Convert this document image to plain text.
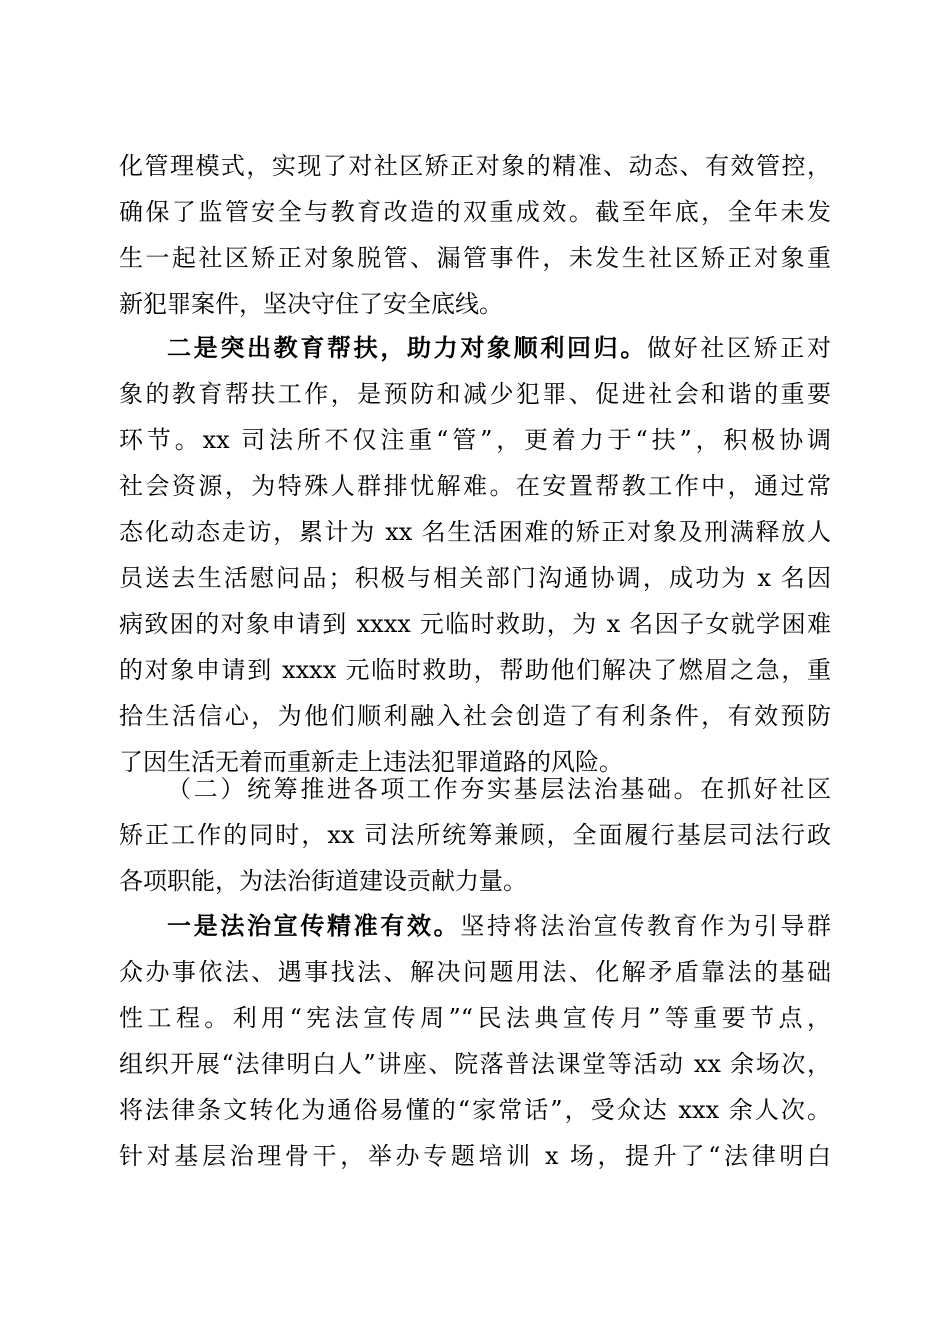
化管理模式，实现了对社区矫正对象的精准、动态、有效管控，
确保了监管安全与教育改造的双重成效。截至年底，全年未发
生一起社区矫正对象脱管、漏管事件，未发生社区矫正对象重
新犯罪案件，坚决守住了安全底线。
二是突出教育帮扶，助力对象顺利回归。做好社区矫正对
象的教育帮扶工作，是预防和减少犯罪、促进社会和谐的重要
环节。xx 司法所不仅注重“管”，更着力于“扶”，积极协调
社会资源，为特殊人群排忧解难。在安置帮教工作中，通过常
态化动态走访，累计为 xx 名生活困难的矫正对象及刑满释放人
员送去生活慰问品；积极与相关部门沟通协调，成功为 x 名因
病致困的对象申请到 xxxx 元临时救助，为 x 名因子女就学困难
的对象申请到 xxxx 元临时救助，帮助他们解决了燃眉之急，重
拾生活信心，为他们顺利融入社会创造了有利条件，有效预防
了因生活无着而重新走上违法犯罪道路的风险。
（二）统筹推进各项工作夯实基层法治基础。在抓好社区
矫正工作的同时，xx 司法所统筹兼顾，全面履行基层司法行政
各项职能，为法治街道建设贡献力量。
一是法治宣传精准有效。坚持将法治宣传教育作为引导群
众办事依法、遇事找法、解决问题用法、化解矛盾靠法的基础
性工程。利用“宪法宣传周”“民法典宣传月”等重要节点，
组织开展“法律明白人”讲座、院落普法课堂等活动 xx 余场次，
将法律条文转化为通俗易懂的“家常话”，受众达 xxx 余人次。
针对基层治理骨干，举办专题培训 x 场，提升了“法律明白
